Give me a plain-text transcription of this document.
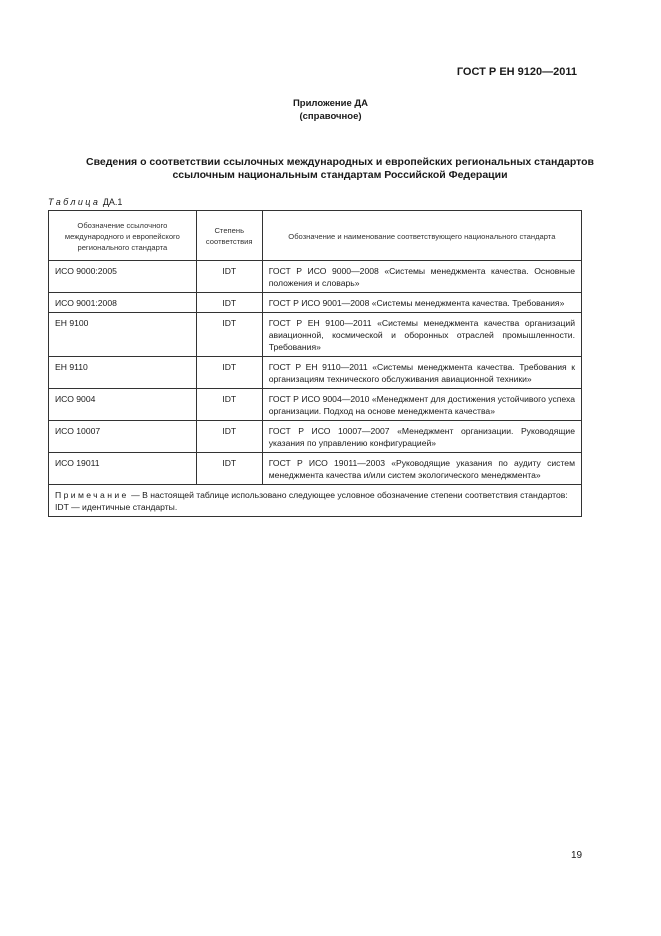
ГОСТ Р ЕН 9120—2011
Приложение ДА
(справочное)
Сведения о соответствии ссылочных международных и европейских региональных стандартов ссылочным национальным стандартам Российской Федерации
Таблица ДА.1
Обозначение ссылочного международного и европейского регионального стандарта	Степень соответствия	Обозначение и наименование соответствующего национального стандарта
ИСО 9000:2005	IDT	ГОСТ Р ИСО 9000—2008 «Системы менеджмента качества. Основные положения и словарь»
ИСО 9001:2008	IDT	ГОСТ Р ИСО 9001—2008 «Системы менеджмента качества. Требования»
ЕН 9100	IDT	ГОСТ Р ЕН 9100—2011 «Системы менеджмента качества организаций авиационной, космической и оборонных отраслей промышленности. Требования»
ЕН 9110	IDT	ГОСТ Р ЕН 9110—2011 «Системы менеджмента качества. Требования к организациям технического обслуживания авиационной техники»
ИСО 9004	IDT	ГОСТ Р ИСО 9004—2010 «Менеджмент для достижения устойчивого успеха организации. Подход на основе менеджмента качества»
ИСО 10007	IDT	ГОСТ Р ИСО 10007—2007 «Менеджмент организации. Руководящие указания по управлению конфигурацией»
ИСО 19011	IDT	ГОСТ Р ИСО 19011—2003 «Руководящие указания по аудиту систем менеджмента качества и/или систем экологического менеджмента»

Примечание — В настоящей таблице использовано следующее условное обозначение степени соответствия стандартов:
IDT — идентичные стандарты.		
19
